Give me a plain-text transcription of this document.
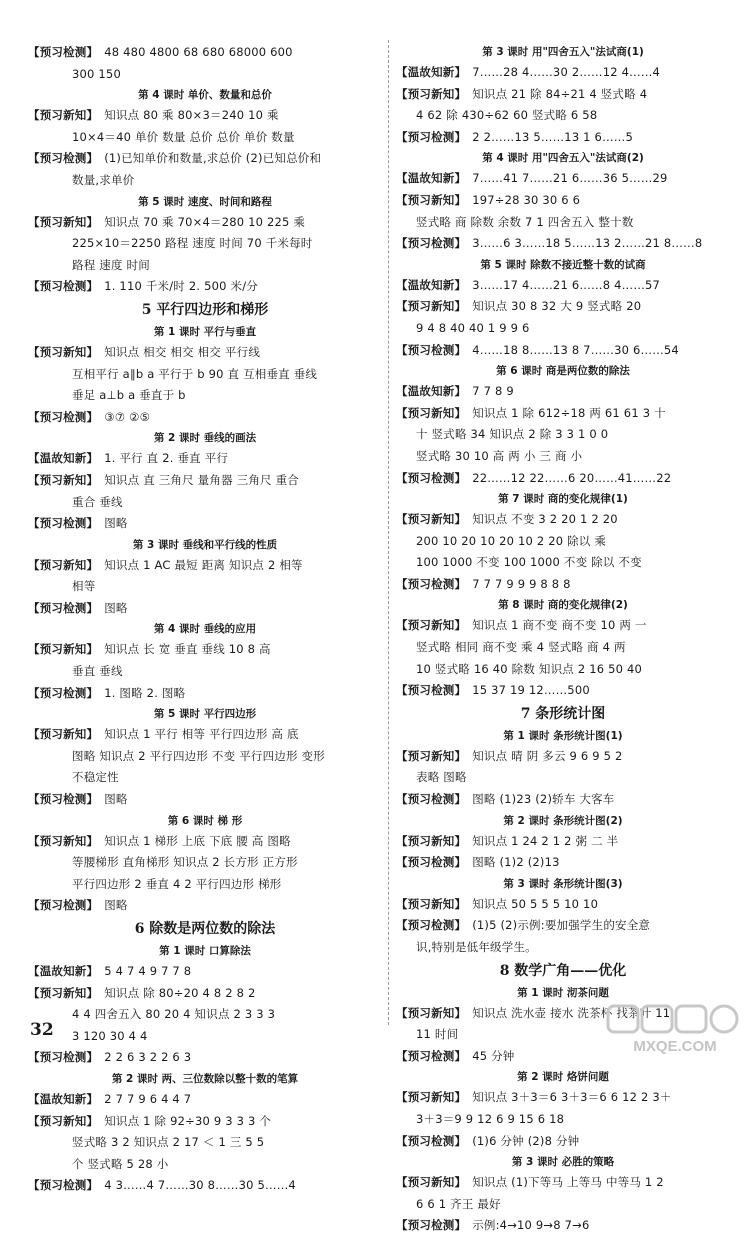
【预习检测】 48 480 4800 68 680 68000 600
300 150
第 4 课时 单价、数量和总价
【预习新知】 知识点 80 乘 80×3＝240 10 乘
10×4＝40 单价 数量 总价 总价 单价 数量
【预习检测】 (1)已知单价和数量,求总价 (2)已知总价和
数量,求单价
第 5 课时 速度、时间和路程
【预习新知】 知识点 70 乘 70×4＝280 10 225 乘
225×10＝2250 路程 速度 时间 70 千米每时
路程 速度 时间
【预习检测】 1. 110 千米/时 2. 500 米/分
5 平行四边形和梯形
第 1 课时 平行与垂直
【预习新知】 知识点 相交 相交 相交 平行线
互相平行 a∥b a 平行于 b 90 直 互相垂直 垂线
垂足 a⊥b a 垂直于 b
【预习检测】 ③⑦ ②⑤
第 2 课时 垂线的画法
【温故知新】 1. 平行 直 2. 垂直 平行
【预习新知】 知识点 直 三角尺 量角器 三角尺 重合
重合 垂线
【预习检测】 图略
第 3 课时 垂线和平行线的性质
【预习新知】 知识点 1 AC 最短 距离 知识点 2 相等
相等
【预习检测】 图略
第 4 课时 垂线的应用
【预习新知】 知识点 长 宽 垂直 垂线 10 8 高
垂直 垂线
【预习检测】 1. 图略 2. 图略
第 5 课时 平行四边形
【预习新知】 知识点 1 平行 相等 平行四边形 高 底
图略 知识点 2 平行四边形 不变 平行四边形 变形
不稳定性
【预习检测】 图略
第 6 课时 梯 形
【预习新知】 知识点 1 梯形 上底 下底 腰 高 图略
等腰梯形 直角梯形 知识点 2 长方形 正方形
平行四边形 2 垂直 4 2 平行四边形 梯形
【预习检测】 图略
6 除数是两位数的除法
第 1 课时 口算除法
【温故知新】 5 4 7 4 9 7 7 8
【预习新知】 知识点 除 80÷20 4 8 2 8 2
4 4 四舍五入 80 20 4 知识点 2 3 3 3
3 120 30 4 4
【预习检测】 2 2 6 3 2 2 6 3
第 2 课时 两、三位数除以整十数的笔算
【温故知新】 2 7 7 9 6 4 4 7
【预习新知】 知识点 1 除 92÷30 9 3 3 3 个
竖式略 3 2 知识点 2 17 ＜ 1 三 5 5
个 竖式略 5 28 小
【预习检测】 4 3……4 7……30 8……30 5……4
第 3 课时 用"四舍五入"法试商(1)
【温故知新】 7……28 4……30 2……12 4……4
【预习新知】 知识点 21 除 84÷21 4 竖式略 4
4 62 除 430÷62 60 竖式略 6 58
【预习检测】 2 2……13 5……13 1 6……5
第 4 课时 用"四舍五入"法试商(2)
【温故知新】 7……41 7……21 6……36 5……29
【预习新知】 197÷28 30 30 6 6
竖式略 商 除数 余数 7 1 四舍五入 整十数
【预习检测】 3……6 3……18 5……13 2……21 8……8
第 5 课时 除数不接近整十数的试商
【温故知新】 3……17 4……21 6……8 4……57
【预习新知】 知识点 30 8 32 大 9 竖式略 20
9 4 8 40 40 1 9 9 6
【预习检测】 4……18 8……13 8 7……30 6……54
第 6 课时 商是两位数的除法
【温故知新】 7 7 8 9
【预习新知】 知识点 1 除 612÷18 两 61 61 3 十
十 竖式略 34 知识点 2 除 3 3 1 0 0
竖式略 30 10 高 两 小 三 商 小
【预习检测】 22……12 22……6 20……41……22
第 7 课时 商的变化规律(1)
【预习新知】 知识点 不变 3 2 20 1 2 20
200 10 20 10 20 10 2 20 除以 乘
100 1000 不变 100 1000 不变 除以 不变
【预习检测】 7 7 7 9 9 9 8 8 8
第 8 课时 商的变化规律(2)
【预习新知】 知识点 1 商不变 商不变 10 两 一
竖式略 相同 商不变 乘 4 竖式略 商 4 两
10 竖式略 16 40 除数 知识点 2 16 50 40
【预习检测】 15 37 19 12……500
7 条形统计图
第 1 课时 条形统计图(1)
【预习新知】 知识点 晴 阴 多云 9 6 9 5 2
表略 图略
【预习检测】 图略 (1)23 (2)轿车 大客车
第 2 课时 条形统计图(2)
【预习新知】 知识点 1 24 2 1 2 粥 二 半
【预习检测】 图略 (1)2 (2)13
第 3 课时 条形统计图(3)
【预习新知】 知识点 50 5 5 5 10 10
【预习检测】 (1)5 (2)示例:要加强学生的安全意
识,特别是低年级学生。
8 数学广角——优化
第 1 课时 沏茶问题
【预习新知】 知识点 洗水壶 接水 洗茶杯 找茶叶 11
11 时间
【预习检测】 45 分钟
第 2 课时 烙饼问题
【预习新知】 知识点 3＋3＝6 3＋3＝6 6 12 2 3＋
3＋3＝9 9 12 6 9 15 6 18
【预习检测】 (1)6 分钟 (2)8 分钟
第 3 课时 必胜的策略
【预习新知】 知识点 (1)下等马 上等马 中等马 1 2
6 6 1 齐王 最好
【预习检测】 示例:4→10 9→8 7→6
32
MXQE.COM
